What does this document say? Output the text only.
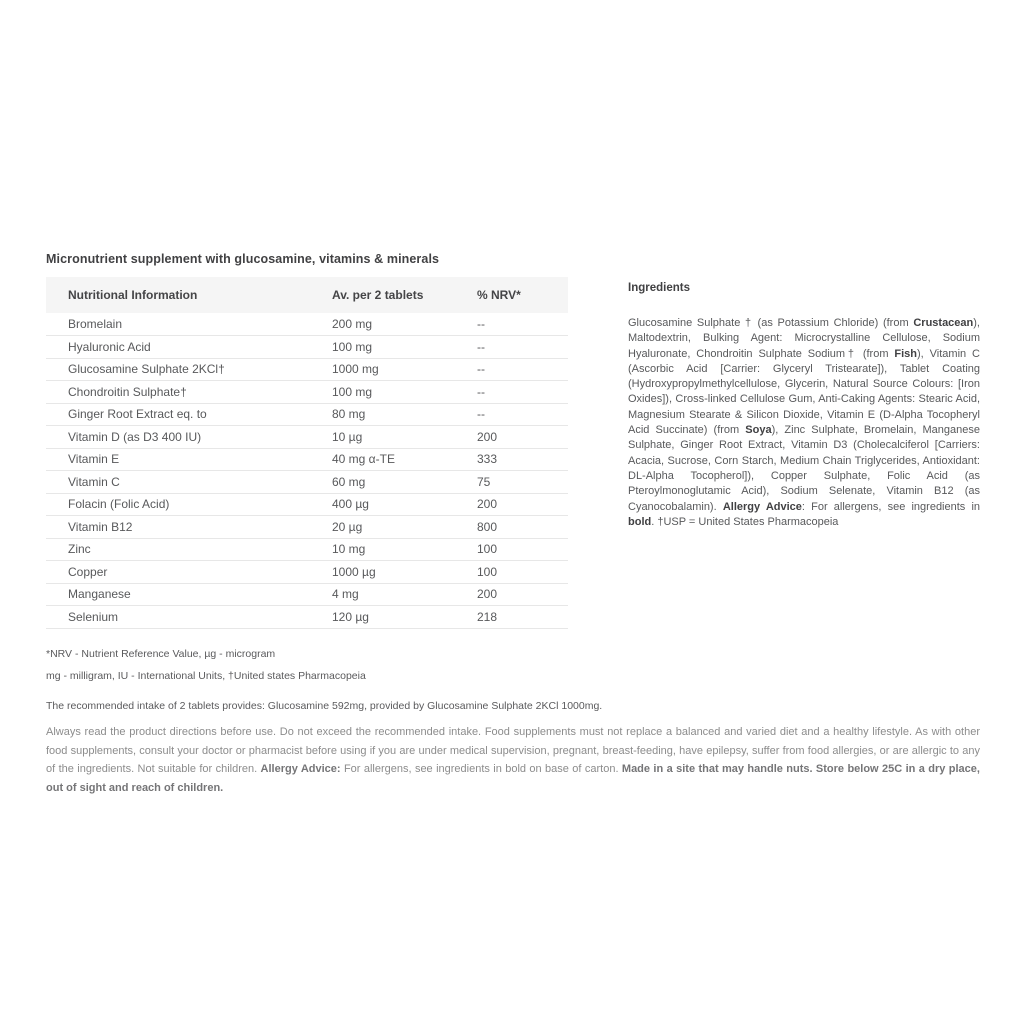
Micronutrient supplement with glucosamine, vitamins & minerals
Nutritional Information	Av. per 2 tablets	% NRV*
Bromelain	200 mg	--
Hyaluronic Acid	100 mg	--
Glucosamine Sulphate 2KCl†	1000 mg	--
Chondroitin Sulphate†	100 mg	--
Ginger Root Extract eq. to	80 mg	--
Vitamin D (as D3 400 IU)	10 µg	200
Vitamin E	40 mg α-TE	333
Vitamin C	60 mg	75
Folacin (Folic Acid)	400 µg	200
Vitamin B12	20 µg	800
Zinc	10 mg	100
Copper	1000 µg	100
Manganese	4 mg	200
Selenium	120 µg	218
*NRV - Nutrient Reference Value, µg - microgram
mg - milligram, IU - International Units, †United states Pharmacopeia
The recommended intake of 2 tablets provides: Glucosamine 592mg, provided by Glucosamine Sulphate 2KCl 1000mg.
Always read the product directions before use. Do not exceed the recommended intake. Food supplements must not replace a balanced and varied diet and a healthy lifestyle. As with other food supplements, consult your doctor or pharmacist before using if you are under medical supervision, pregnant, breast-feeding, have epilepsy, suffer from food allergies, or are allergic to any of the ingredients. Not suitable for children. Allergy Advice: For allergens, see ingredients in bold on base of carton. Made in a site that may handle nuts. Store below 25C in a dry place, out of sight and reach of children.
Ingredients
Glucosamine Sulphate † (as Potassium Chloride) (from Crustacean), Maltodextrin, Bulking Agent: Microcrystalline Cellulose, Sodium Hyaluronate, Chondroitin Sulphate Sodium† (from Fish), Vitamin C (Ascorbic Acid [Carrier: Glyceryl Tristearate]), Tablet Coating (Hydroxypropylmethylcellulose, Glycerin, Natural Source Colours: [Iron Oxides]), Cross-linked Cellulose Gum, Anti-Caking Agents: Stearic Acid, Magnesium Stearate & Silicon Dioxide, Vitamin E (D-Alpha Tocopheryl Acid Succinate) (from Soya), Zinc Sulphate, Bromelain, Manganese Sulphate, Ginger Root Extract, Vitamin D3 (Cholecalciferol [Carriers: Acacia, Sucrose, Corn Starch, Medium Chain Triglycerides, Antioxidant: DL-Alpha Tocopherol]), Copper Sulphate, Folic Acid (as Pteroylmonoglutamic Acid), Sodium Selenate, Vitamin B12 (as Cyanocobalamin). Allergy Advice: For allergens, see ingredients in bold. †USP = United States Pharmacopeia
